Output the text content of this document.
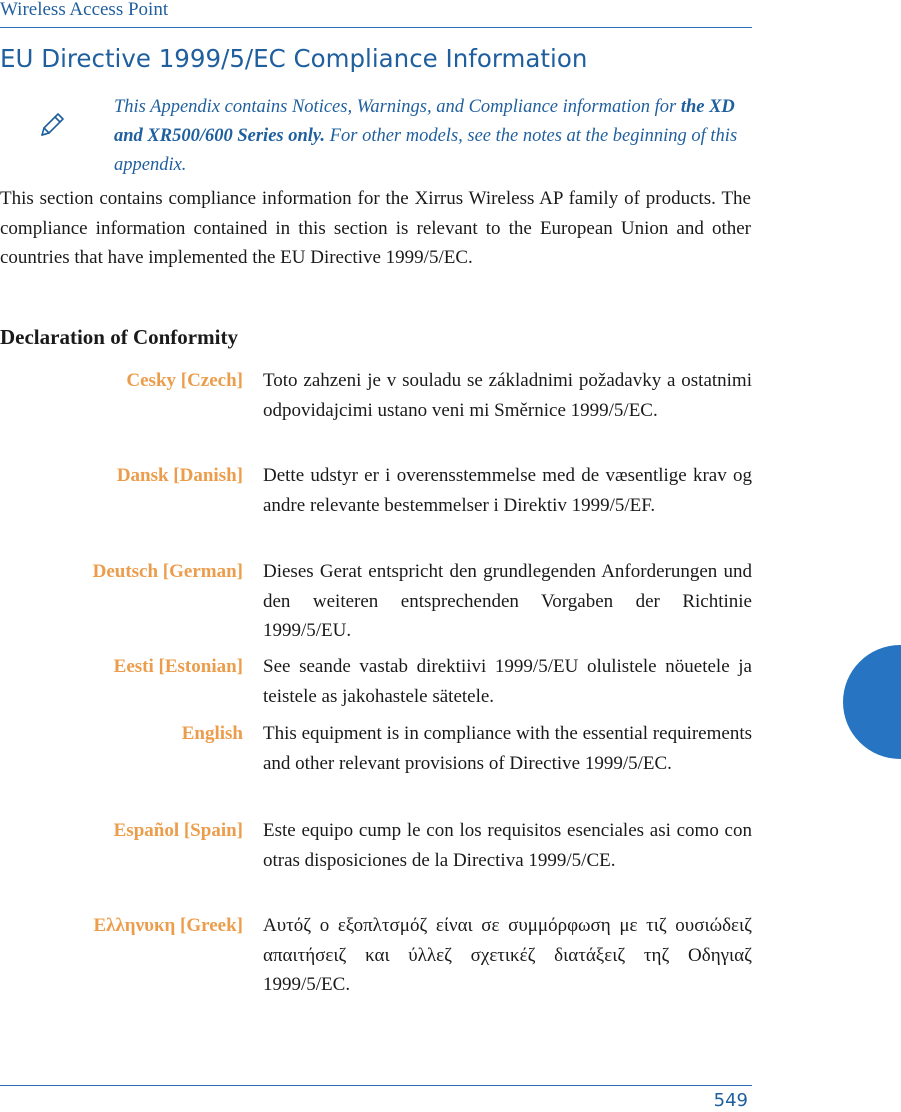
Wireless Access Point
EU Directive 1999/5/EC Compliance Information

This Appendix contains Notices, Warnings, and Compliance information for the XD and XR500/600 Series only. For other models, see the notes at the beginning of this appendix.

This section contains compliance information for the Xirrus Wireless AP family of products. The compliance information contained in this section is relevant to the European Union and other countries that have implemented the EU Directive 1999/5/EC.

Declaration of Conformity
Cesky [Czech] Toto zahzeni je v souladu se základnimi požadavky a ostatnimi odpovidajcimi ustano veni mi Směrnice 1999/5/EC.

Dansk [Danish] Dette udstyr er i overensstemmelse med de væsentlige krav og andre relevante bestemmelser i Direktiv 1999/5/EF.

Deutsch [German] Dieses Gerat entspricht den grundlegenden Anforderungen und den weiteren entsprechenden Vorgaben der Richtinie 1999/5/EU.

Eesti [Estonian] See seande vastab direktiivi 1999/5/EU olulistele nöuetele ja teistele as jakohastele sätetele.

English This equipment is in compliance with the essential requirements and other relevant provisions of Directive 1999/5/EC.

Español [Spain] Este equipo cump le con los requisitos esenciales asi como con otras disposiciones de la Directiva 1999/5/CE.

Ελληνυκη [Greek] Αυτόζ ο εξοπλτσμόζ είναι σε συμμόρφωση με τιζ ουσιώδειζ απαιτήσειζ και ύλλεζ σχετικέζ διατάξειζ τηζ Οδηγιαζ 1999/5/EC.

549
